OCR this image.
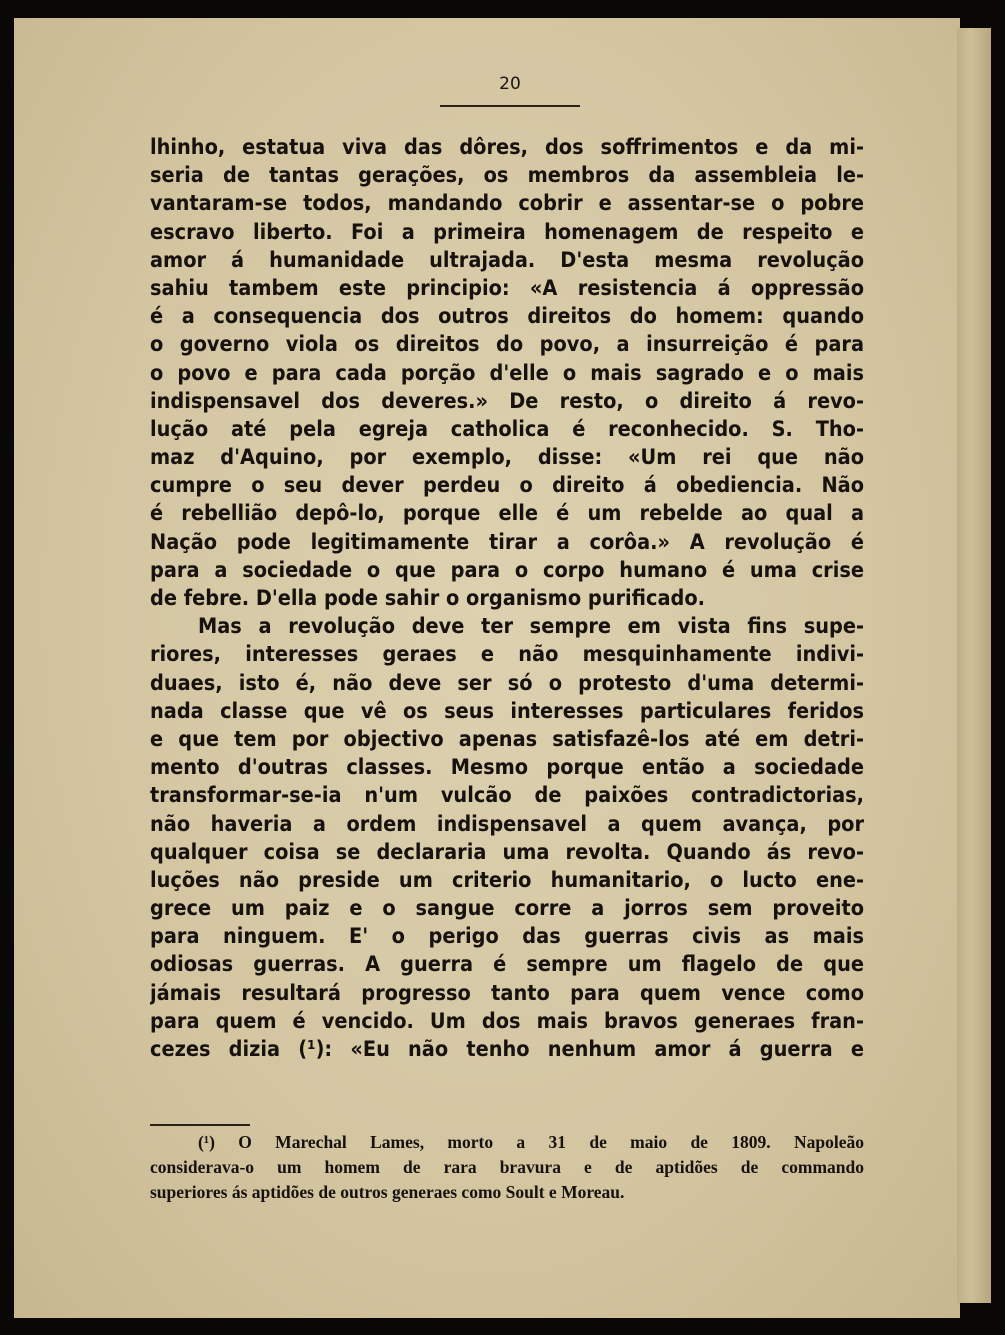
20
lhinho, estatua viva das dôres, dos soffrimentos e da mi-
seria de tantas gerações, os membros da assembleia le-
vantaram-se todos, mandando cobrir e assentar-se o pobre
escravo liberto. Foi a primeira homenagem de respeito e
amor á humanidade ultrajada. D'esta mesma revolução
sahiu tambem este principio: «A resistencia á oppressão
é a consequencia dos outros direitos do homem: quando
o governo viola os direitos do povo, a insurreição é para
o povo e para cada porção d'elle o mais sagrado e o mais
indispensavel dos deveres.» De resto, o direito á revo-
lução até pela egreja catholica é reconhecido. S. Tho-
maz d'Aquino, por exemplo, disse: «Um rei que não
cumpre o seu dever perdeu o direito á obediencia. Não
é rebellião depô-lo, porque elle é um rebelde ao qual a
Nação pode legitimamente tirar a corôa.» A revolução é
para a sociedade o que para o corpo humano é uma crise
de febre. D'ella pode sahir o organismo purificado.
Mas a revolução deve ter sempre em vista fins supe-
riores, interesses geraes e não mesquinhamente indivi-
duaes, isto é, não deve ser só o protesto d'uma determi-
nada classe que vê os seus interesses particulares feridos
e que tem por objectivo apenas satisfazê-los até em detri-
mento d'outras classes. Mesmo porque então a sociedade
transformar-se-ia n'um vulcão de paixões contradictorias,
não haveria a ordem indispensavel a quem avança, por
qualquer coisa se declararia uma revolta. Quando ás revo-
luções não preside um criterio humanitario, o lucto ene-
grece um paiz e o sangue corre a jorros sem proveito
para ninguem. E' o perigo das guerras civis as mais
odiosas guerras. A guerra é sempre um flagelo de que
jámais resultará progresso tanto para quem vence como
para quem é vencido. Um dos mais bravos generaes fran-
cezes dizia (¹): «Eu não tenho nenhum amor á guerra e
(¹) O Marechal Lames, morto a 31 de maio de 1809. Napoleão
considerava-o um homem de rara bravura e de aptidões de commando
superiores ás aptidões de outros generaes como Soult e Moreau.
